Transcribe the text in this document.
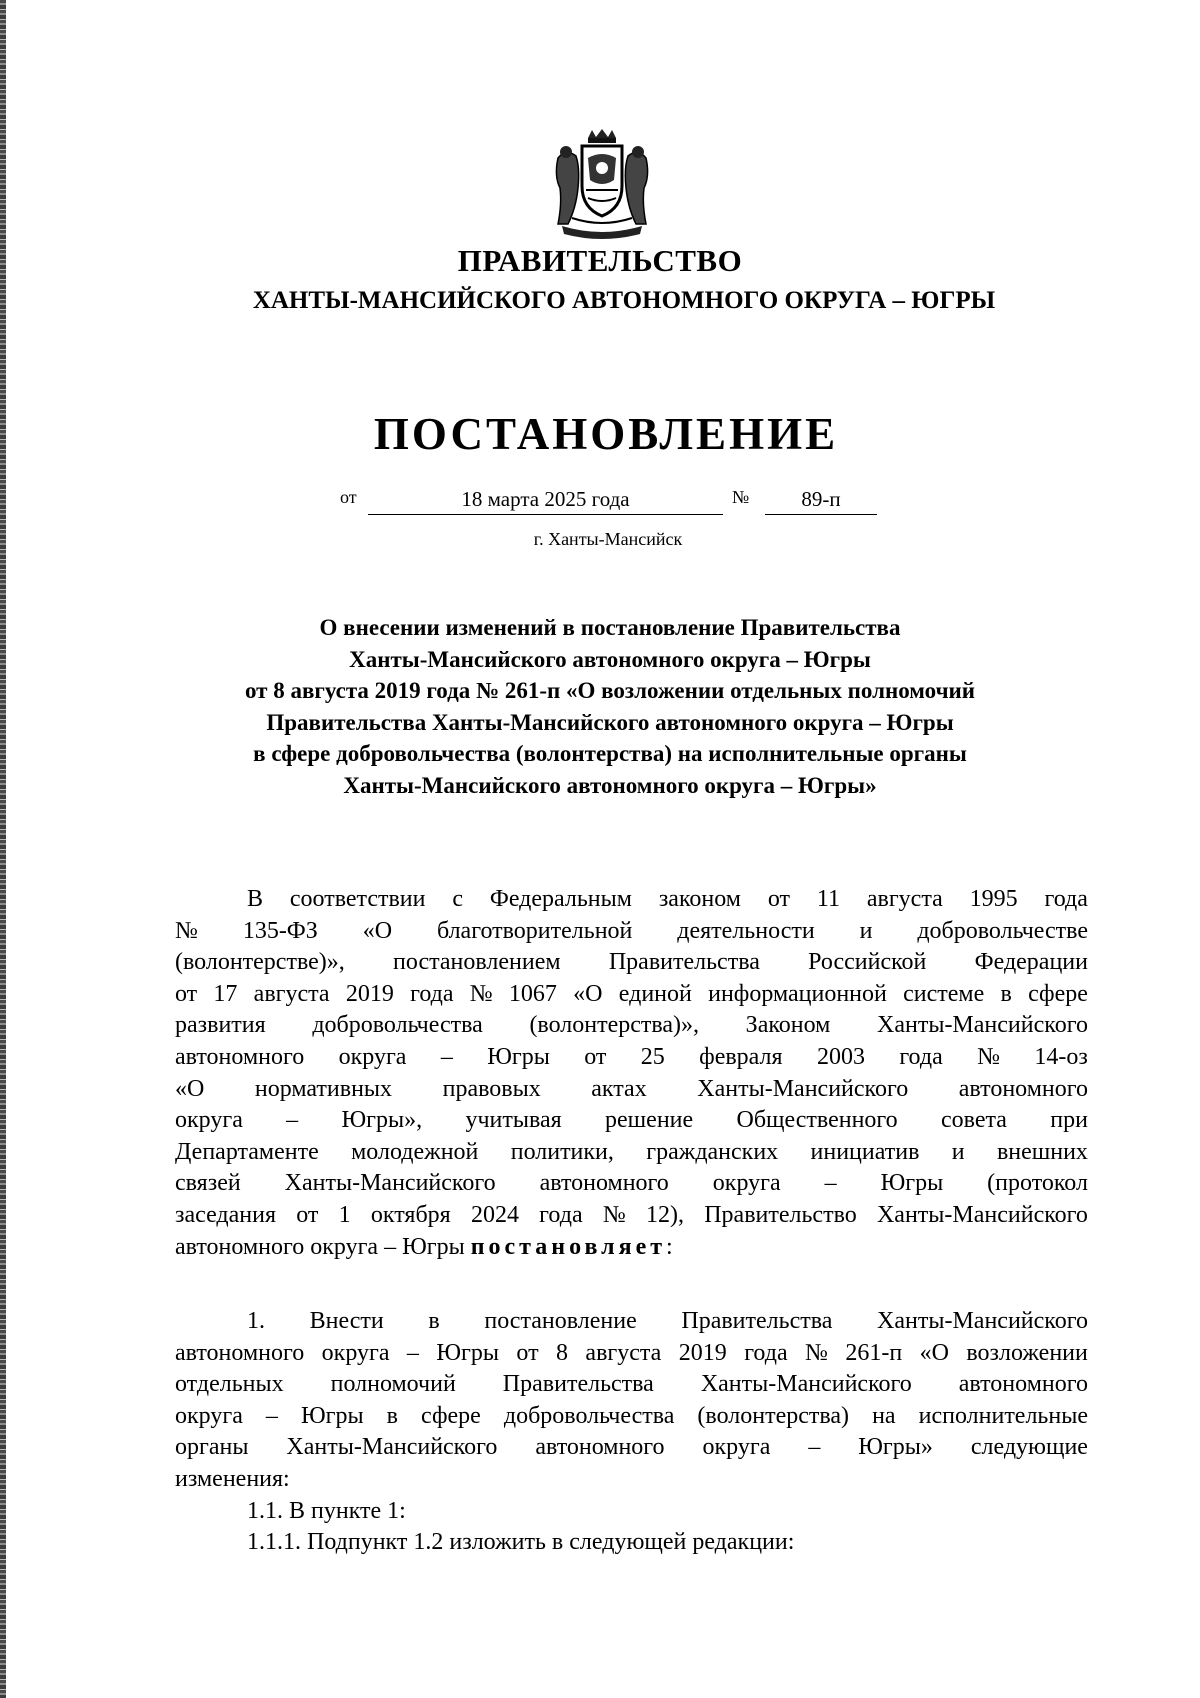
ПРАВИТЕЛЬСТВО
ХАНТЫ-МАНСИЙСКОГО АВТОНОМНОГО ОКРУГА – ЮГРЫ
ПОСТАНОВЛЕНИЕ
от	18 марта 2025 года	№	89-п
г. Ханты-Мансийск
О внесении изменений в постановление Правительства
Ханты-Мансийского автономного округа – Югры
от 8 августа 2019 года № 261-п «О возложении отдельных полномочий
Правительства Ханты-Мансийского автономного округа – Югры
в сфере добровольчества (волонтерства) на исполнительные органы
Ханты-Мансийского автономного округа – Югры»
В соответствии с Федеральным законом от 11 августа 1995 года
№ 135-ФЗ «О благотворительной деятельности и добровольчестве
(волонтерстве)», постановлением Правительства Российской Федерации
от 17 августа 2019 года № 1067 «О единой информационной системе в сфере
развития добровольчества (волонтерства)», Законом Ханты-Мансийского
автономного округа – Югры от 25 февраля 2003 года № 14-оз
«О нормативных правовых актах Ханты-Мансийского автономного
округа – Югры», учитывая решение Общественного совета при
Департаменте молодежной политики, гражданских инициатив и внешних
связей Ханты-Мансийского автономного округа – Югры (протокол
заседания от 1 октября 2024 года № 12), Правительство Ханты-Мансийского
автономного округа – Югры постановляет:
1. Внести в постановление Правительства Ханты-Мансийского
автономного округа – Югры от 8 августа 2019 года № 261-п «О возложении
отдельных полномочий Правительства Ханты-Мансийского автономного
округа – Югры в сфере добровольчества (волонтерства) на исполнительные
органы Ханты-Мансийского автономного округа – Югры» следующие
изменения:
1.1. В пункте 1:
1.1.1. Подпункт 1.2 изложить в следующей редакции:
